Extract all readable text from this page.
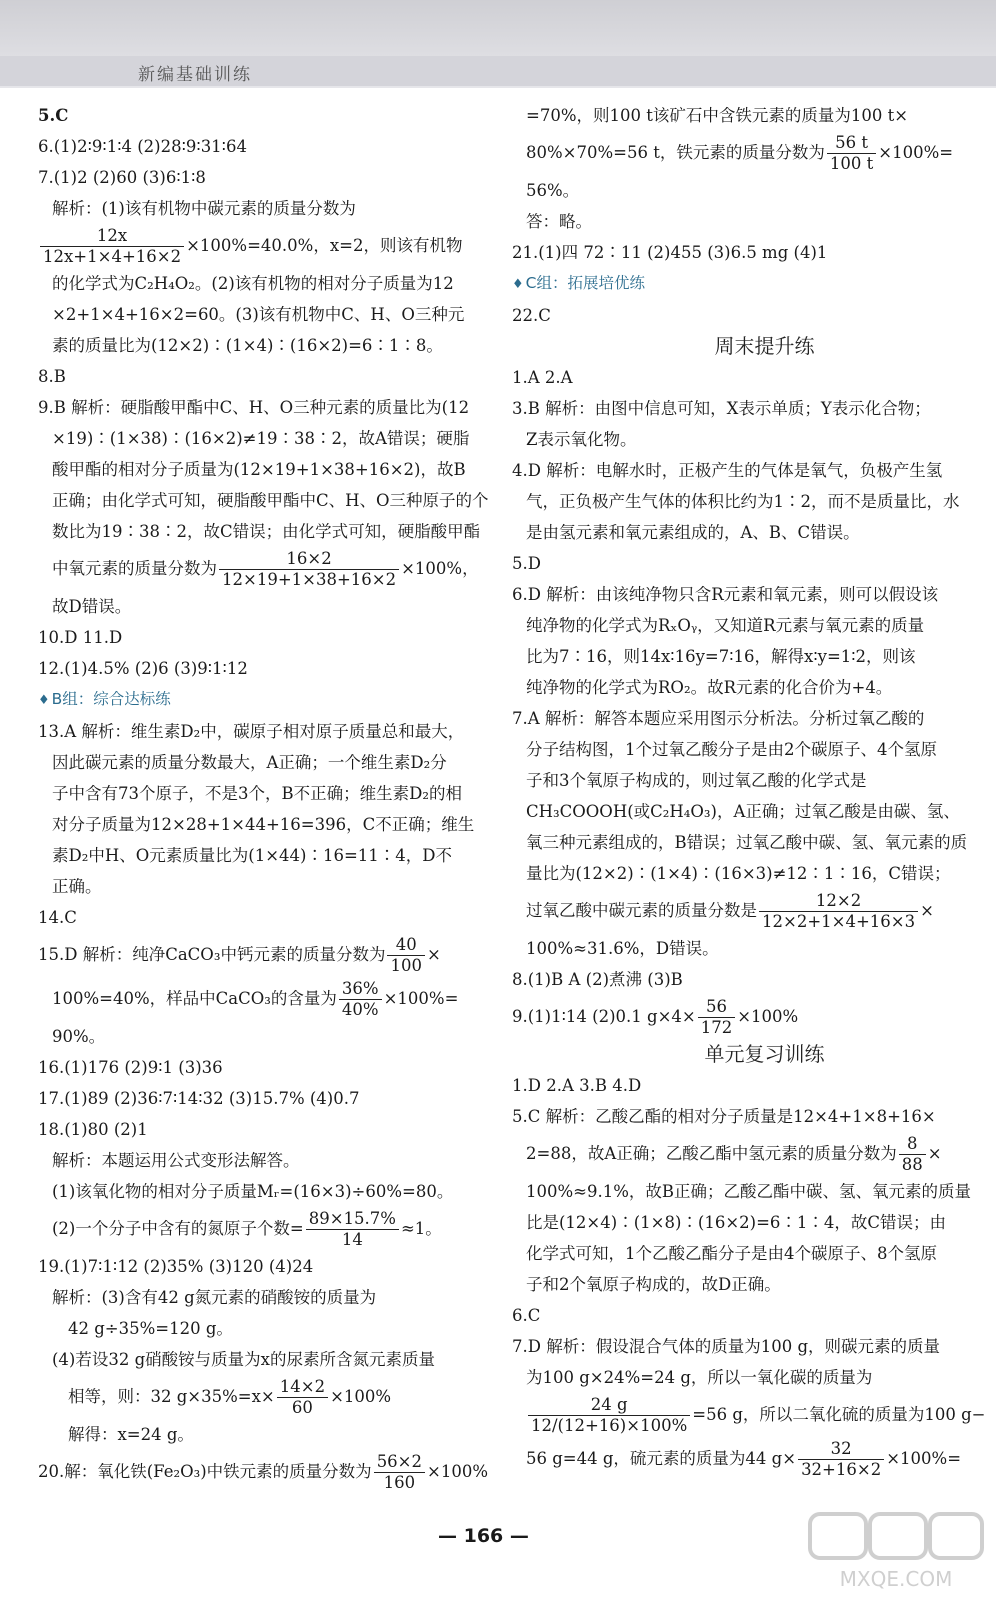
新编基础训练
5.C
6.(1)2∶9∶1∶4 (2)28∶9∶31∶64
7.(1)2 (2)60 (3)6∶1∶8
解析：(1)该有机物中碳元素的质量分数为
$\frac{12x}{12x+1\times 4+16\times 2} \times 100\%=40.0\%$，x=2，则该有机物
的化学式为C₂H₄O₂。(2)该有机物的相对分子质量为12
×2+1×4+16×2=60。(3)该有机物中C、H、O三种元
素的质量比为(12×2)∶(1×4)∶(16×2)=6∶1∶8。
8.B
9.B 解析：硬脂酸甲酯中C、H、O三种元素的质量比为(12
×19)∶(1×38)∶(16×2)≠19∶38∶2，故A错误；硬脂
酸甲酯的相对分子质量为(12×19+1×38+16×2)，故B
正确；由化学式可知，硬脂酸甲酯中C、H、O三种原子的个
数比为19∶38∶2，故C错误；由化学式可知，硬脂酸甲酯
中氧元素的质量分数为 $\frac{16\times 2}{12\times 19+1\times 38+16\times 2} \times 100\%$，
故D错误。
10.D 11.D
12.(1)4.5% (2)6 (3)9∶1∶12
♦ B组：综合达标练
13.A 解析：维生素D₂中，碳原子相对原子质量总和最大，
因此碳元素的质量分数最大，A正确；一个维生素D₂分
子中含有73个原子，不是3个，B不正确；维生素D₂的相
对分子质量为12×28+1×44+16=396，C不正确；维生
素D₂中H、O元素质量比为(1×44)∶16=11∶4，D不
正确。
14.C
15.D 解析：纯净CaCO₃中钙元素的质量分数为 $\frac{40}{100}$ ×
100%=40%，样品中CaCO₃的含量为 $\frac{36\%}{40\%} \times 100\%=$
90%。
16.(1)176 (2)9∶1 (3)36
17.(1)89 (2)36∶7∶14∶32 (3)15.7% (4)0.7
18.(1)80 (2)1
解析：本题运用公式变形法解答。
(1)该氧化物的相对分子质量Mᵣ=(16×3)÷60%=80。
(2)一个分子中含有的氮原子个数= $\frac{89\times 15.7\%}{14} \approx 1$。
19.(1)7∶1∶12 (2)35% (3)120 (4)24
解析：(3)含有42 g氮元素的硝酸铵的质量为
42 g÷35%=120 g。
(4)若设32 g硝酸铵与质量为x的尿素所含氮元素质量
相等，则：32 $g\times 35\%=x\times \frac{14\times 2}{60} \times 100\%$
解得：x=24 g。
20.解：氧化铁(Fe₂O₃)中铁元素的质量分数为 $\frac{56\times 2}{160} \times 100\%$
=70%，则100 t该矿石中含铁元素的质量为100 t×
80%×70%=56 t，铁元素的质量分数为 $\frac{56 t}{100 t} \times 100\%=$
56%。
答：略。
21.(1)四 72∶11 (2)455 (3)6.5 mg (4)1
♦ C组：拓展培优练
22.C
周末提升练
1.A 2.A
3.B 解析：由图中信息可知，X表示单质；Y表示化合物；
Z表示氧化物。
4.D 解析：电解水时，正极产生的气体是氧气，负极产生氢
气，正负极产生气体的体积比约为1∶2，而不是质量比，水
是由氢元素和氧元素组成的，A、B、C错误。
5.D
6.D 解析：由该纯净物只含R元素和氧元素，则可以假设该
纯净物的化学式为RₓOᵧ，又知道R元素与氧元素的质量
比为7∶16，则14x∶16y=7∶16，解得x∶y=1∶2，则该
纯净物的化学式为RO₂。故R元素的化合价为+4。
7.A 解析：解答本题应采用图示分析法。分析过氧乙酸的
分子结构图，1个过氧乙酸分子是由2个碳原子、4个氢原
子和3个氧原子构成的，则过氧乙酸的化学式是
CH₃COOOH(或C₂H₄O₃)，A正确；过氧乙酸是由碳、氢、
氧三种元素组成的，B错误；过氧乙酸中碳、氢、氧元素的质
量比为(12×2)∶(1×4)∶(16×3)≠12∶1∶16，C错误；
过氧乙酸中碳元素的质量分数是 $\frac{12\times 2}{12\times 2+1\times 4+16\times 3}$ ×
100%≈31.6%，D错误。
8.(1)B A (2)煮沸 (3)B
9.(1)1∶14 (2)0.1 $g\times 4\times \frac{56}{172} \times 100\%$
单元复习训练
1.D 2.A 3.B 4.D
5.C 解析：乙酸乙酯的相对分子质量是12×4+1×8+16×
2=88，故A正确；乙酸乙酯中氢元素的质量分数为 $\frac{8}{88}$ ×
100%≈9.1%，故B正确；乙酸乙酯中碳、氢、氧元素的质量
比是(12×4)∶(1×8)∶(16×2)=6∶1∶4，故C错误；由
化学式可知，1个乙酸乙酯分子是由4个碳原子、8个氢原
子和2个氧原子构成的，故D正确。
6.C
7.D 解析：假设混合气体的质量为100 g，则碳元素的质量
为100 g×24%=24 g，所以一氧化碳的质量为
$\frac{24 g}{12/(12+16)\times 100\%} =56$ g，所以二氧化硫的质量为100 g−
56 g=44 g，硫元素的质量为44 $g\times \frac{32}{32+16\times 2} \times 100\%=$
— 166 —
MXQE.COM
